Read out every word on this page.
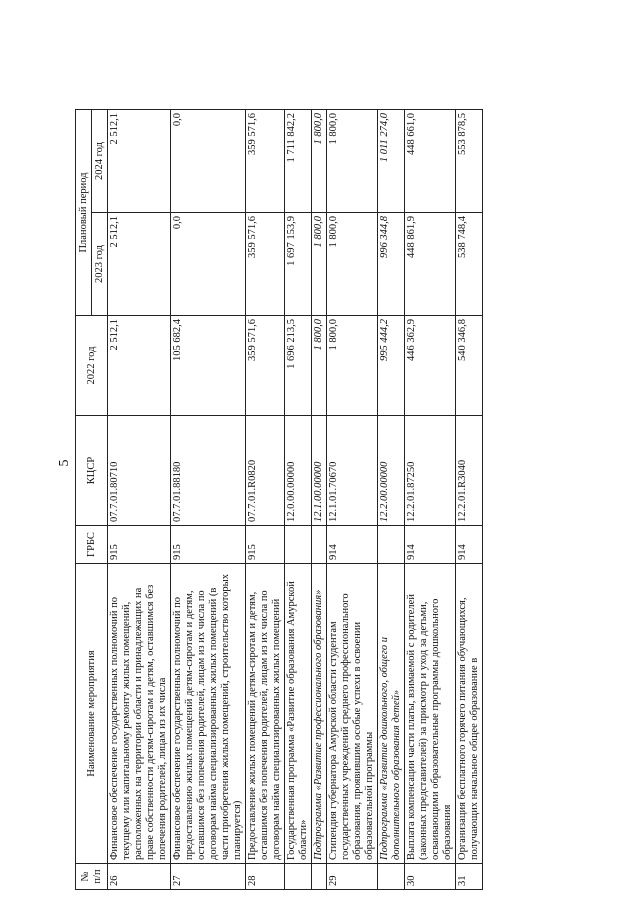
5
№ п/п	Наименование мероприятия	ГРБС	КЦСР	2022 год	Плановый период	
					2023 год	2024 год
26	Финансовое обеспечение государственных полномочий по текущему или капитальному ремонту жилых помещений, расположенных на территории области и принадлежащих на праве собственности детям-сиротам и детям, оставшимся без попечения родителей, лицам из их числа	915	07.7.01.80710	2 512,1	2 512,1	2 512,1
27	Финансовое обеспечение государственных полномочий по предоставлению жилых помещений детям-сиротам и детям, оставшимся без попечения родителей, лицам из их числа по договорам найма специализированных жилых помещений (в части приобретения жилых помещений, строительство которых планируется)	915	07.7.01.88180	105 682,4	0,0	0,0
28	Предоставление жилых помещений детям-сиротам и детям, оставшимся без попечения родителей, лицам из их числа по договорам найма специализированных жилых помещений	915	07.7.01.R0820	359 571,6	359 571,6	359 571,6
	Государственная программа «Развитие образования Амурской области»		12.0.00.00000	1 696 213,5	1 697 153,9	1 711 842,2
	Подпрограмма «Развитие профессионального образования»		12.1.00.00000	1 800,0	1 800,0	1 800,0
29	Стипендия губернатора Амурской области студентам государственных учреждений среднего профессионального образования, проявившим особые успехи в освоении образовательной программы	914	12.1.01.70670	1 800,0	1 800,0	1 800,0
	Подпрограмма «Развитие дошкольного, общего и дополнительного образования детей»		12.2.00.00000	995 444,2	996 344,8	1 011 274,0
30	Выплата компенсации части платы, взимаемой с родителей (законных представителей) за присмотр и уход за детьми, осваивающими образовательные программы дошкольного образования	914	12.2.01.87250	446 362,9	448 861,9	448 661,0
31	Организация бесплатного горячего питания обучающихся, получающих начальное общее образование в	914	12.2.01.R3040	540 346,8	538 748,4	553 878,5
